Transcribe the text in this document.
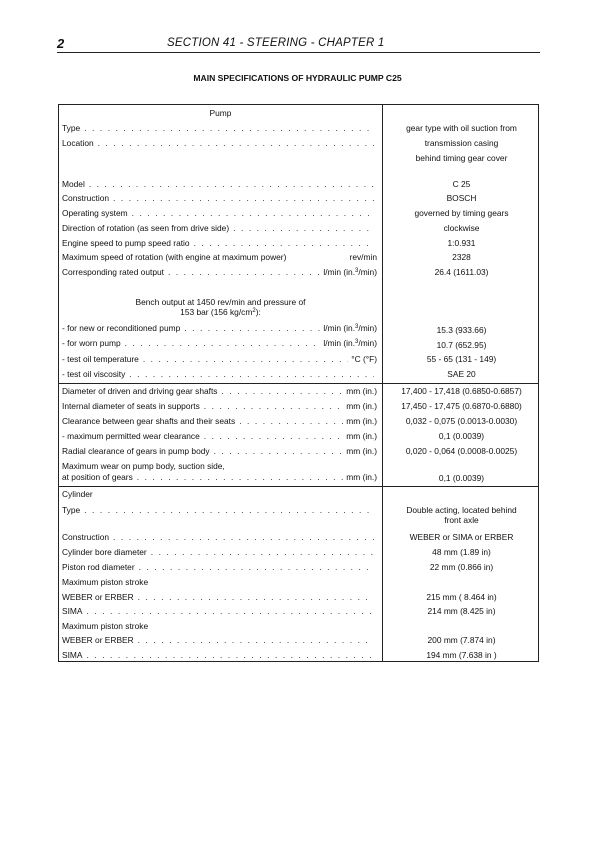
2	SECTION 41 - STEERING - CHAPTER 1
MAIN SPECIFICATIONS OF HYDRAULIC PUMP C25
Pump
Type . . .	gear type with oil suction from
Location . . .	transmission casing
behind timing gear cover
Model . . .	C 25
Construction . . .	BOSCH
Operating system . . .	governed by timing gears
Direction of rotation (as seen from drive side) . . .	clockwise
Engine speed to pump speed ratio . . .	1:0.931
Maximum speed of rotation (with engine at maximum power)	rev/min	2328
Corresponding rated output . . .	l/min (in.$^3$/min)	26.4 (1611.03)
Bench output at 1450 rev/min and pressure of
153 bar (156 $kg/cm^2$):
- for new or reconditioned pump . . .	l/min (in.$^3$/min)	15.3 (933.66)
- for worn pump . . .	l/min (in.$^3$/min)	10.7 (652.95)
- test oil temperature . . .	°C (°F)	55 - 65 (131 - 149)
- test oil viscosity . . .	SAE 20
Diameter of driven and driving gear shafts . . .	mm (in.)	17,400 - 17,418 (0.6850-0.6857)
Internal diameter of seats in supports . . .	mm (in.)	17,450 - 17,475 (0.6870-0.6880)
Clearance between gear shafts and their seats . . .	mm (in.)	0,032 - 0,075 (0.0013-0.0030)
- maximum permitted wear clearance . . .	mm (in.)	0,1 (0.0039)
Radial clearance of gears in pump body . . .	mm (in.)	0,020 - 0,064 (0.0008-0.0025)
Maximum wear on pump body, suction side,
at position of gears . . .	mm (in.)	0,1 (0.0039)
Cylinder
Type . . .	Double acting, located behind
front axle
Construction . . .	WEBER or SIMA or ERBER
Cylinder bore diameter . . .	48 mm (1.89 in)
Piston rod diameter . . .	22 mm (0.866 in)
Maximum piston stroke
WEBER or ERBER . . .	215 mm ( 8.464 in)
SIMA . . .	214 mm (8.425 in)
Maximum piston stroke
WEBER or ERBER . . .	200 mm (7.874 in)
SIMA . . .	194 mm (7.638 in )
